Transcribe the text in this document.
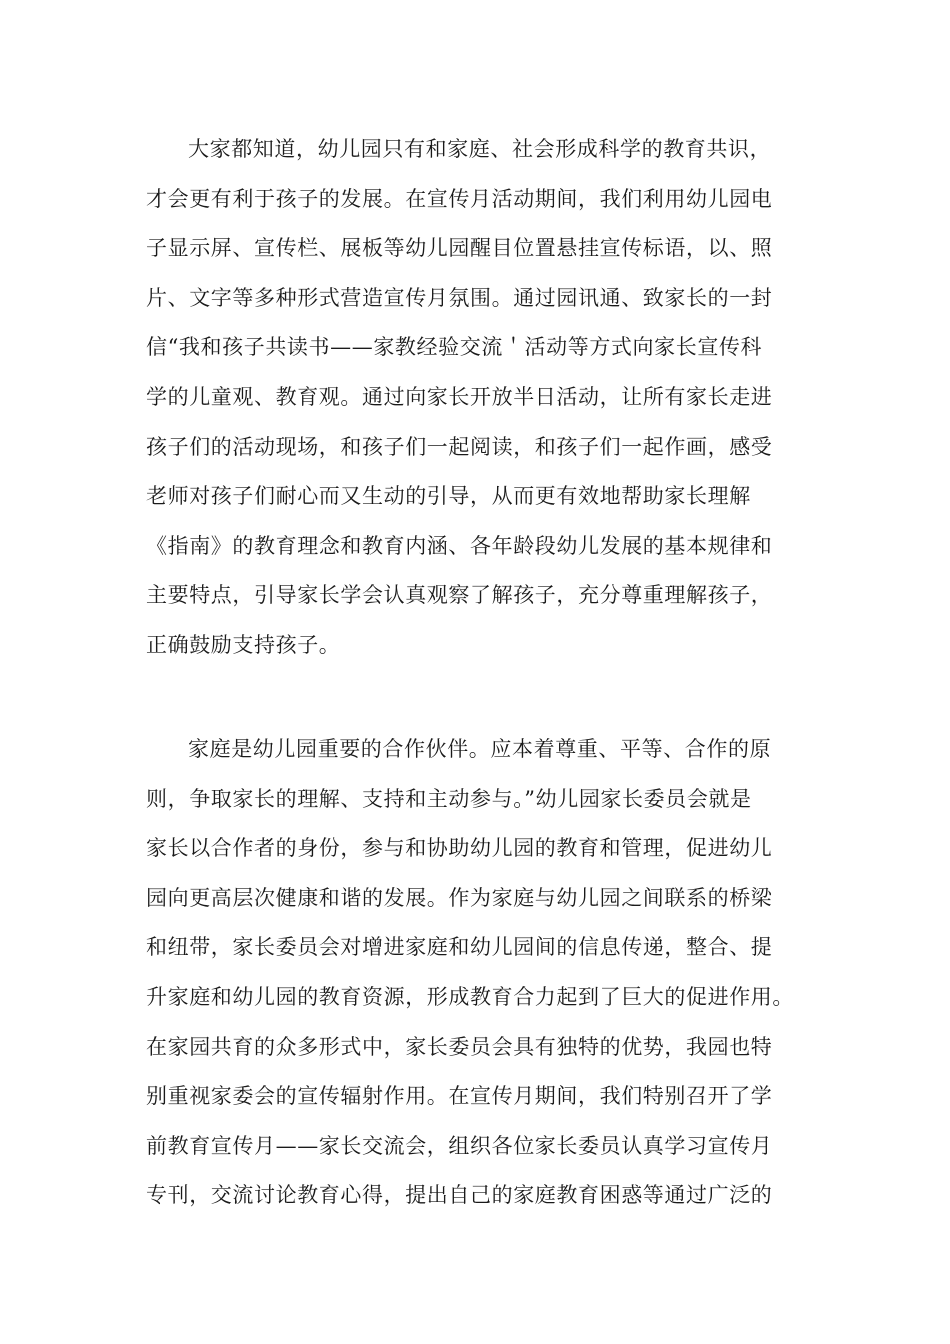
大家都知道，幼儿园只有和家庭、社会形成科学的教育共识，
才会更有利于孩子的发展。在宣传月活动期间，我们利用幼儿园电
子显示屏、宣传栏、展板等幼儿园醒目位置悬挂宣传标语，以、照
片、文字等多种形式营造宣传月氛围。通过园讯通、致家长的一封
信“我和孩子共读书——家教经验交流＇活动等方式向家长宣传科
学的儿童观、教育观。通过向家长开放半日活动，让所有家长走进
孩子们的活动现场，和孩子们一起阅读，和孩子们一起作画，感受
老师对孩子们耐心而又生动的引导，从而更有效地帮助家长理解
《指南》的教育理念和教育内涵、各年龄段幼儿发展的基本规律和
主要特点，引导家长学会认真观察了解孩子，充分尊重理解孩子，
正确鼓励支持孩子。
家庭是幼儿园重要的合作伙伴。应本着尊重、平等、合作的原
则，争取家长的理解、支持和主动参与。”幼儿园家长委员会就是
家长以合作者的身份，参与和协助幼儿园的教育和管理，促进幼儿
园向更高层次健康和谐的发展。作为家庭与幼儿园之间联系的桥梁
和纽带，家长委员会对增进家庭和幼儿园间的信息传递，整合、提
升家庭和幼儿园的教育资源，形成教育合力起到了巨大的促进作用。
在家园共育的众多形式中，家长委员会具有独特的优势，我园也特
别重视家委会的宣传辐射作用。在宣传月期间，我们特别召开了学
前教育宣传月——家长交流会，组织各位家长委员认真学习宣传月
专刊，交流讨论教育心得，提出自己的家庭教育困惑等通过广泛的
